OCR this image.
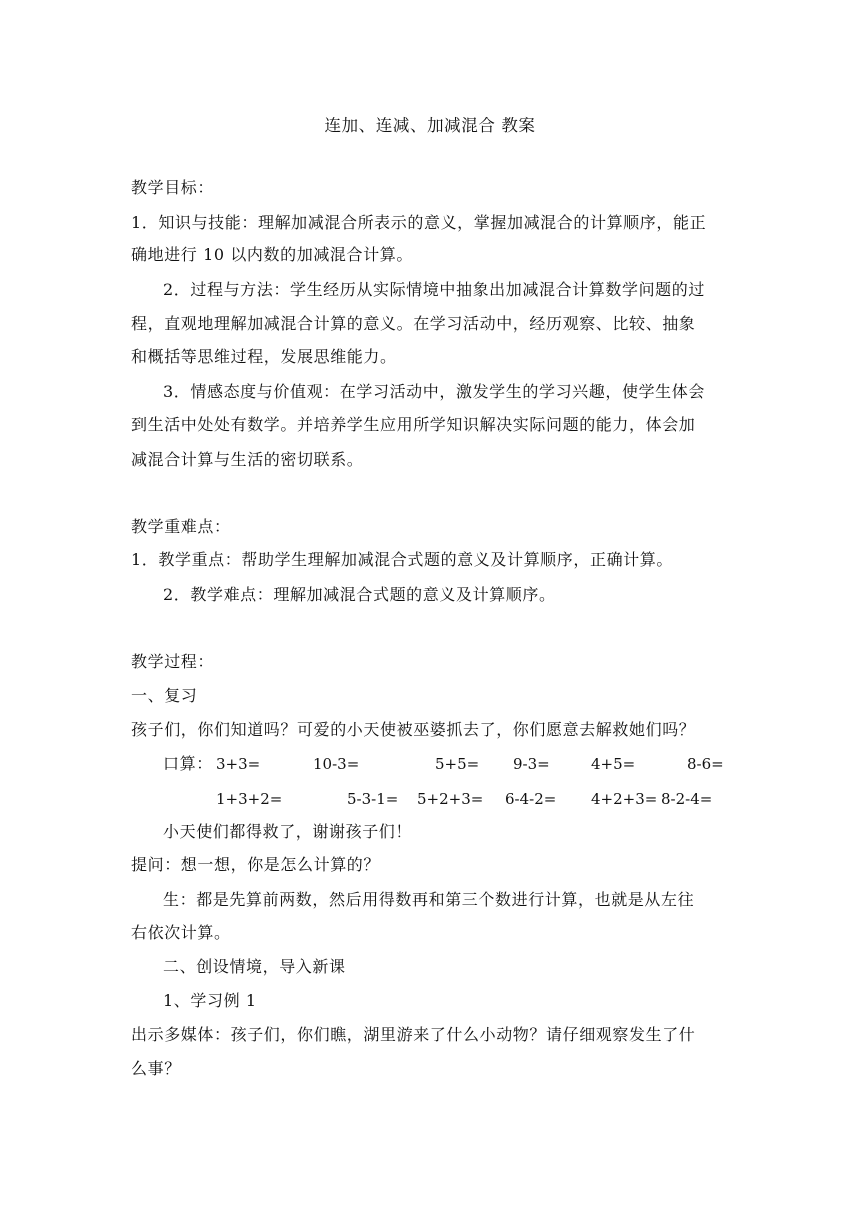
连加、连减、加减混合 教案
教学目标：
1．知识与技能：理解加减混合所表示的意义，掌握加减混合的计算顺序，能正
确地进行 10 以内数的加减混合计算。
2．过程与方法：学生经历从实际情境中抽象出加减混合计算数学问题的过
程，直观地理解加减混合计算的意义。在学习活动中，经历观察、比较、抽象
和概括等思维过程，发展思维能力。
3．情感态度与价值观：在学习活动中，激发学生的学习兴趣，使学生体会
到生活中处处有数学。并培养学生应用所学知识解决实际问题的能力，体会加
减混合计算与生活的密切联系。
教学重难点：
1．教学重点：帮助学生理解加减混合式题的意义及计算顺序，正确计算。
2．教学难点：理解加减混合式题的意义及计算顺序。
教学过程：
一、复习
孩子们，你们知道吗？可爱的小天使被巫婆抓去了，你们愿意去解救她们吗？
口算： 3+3=	10-3=	5+5= 9-3=	4+5=	8-6=
1+3+2=	5-3-1= 5+2+3= 6-4-2= 4+2+3= 8-2-4=
小天使们都得救了，谢谢孩子们！
提问：想一想，你是怎么计算的？
生：都是先算前两数，然后用得数再和第三个数进行计算，也就是从左往
右依次计算。
二、创设情境，导入新课
1、学习例 1
出示多媒体：孩子们，你们瞧，湖里游来了什么小动物？请仔细观察发生了什
么事？
